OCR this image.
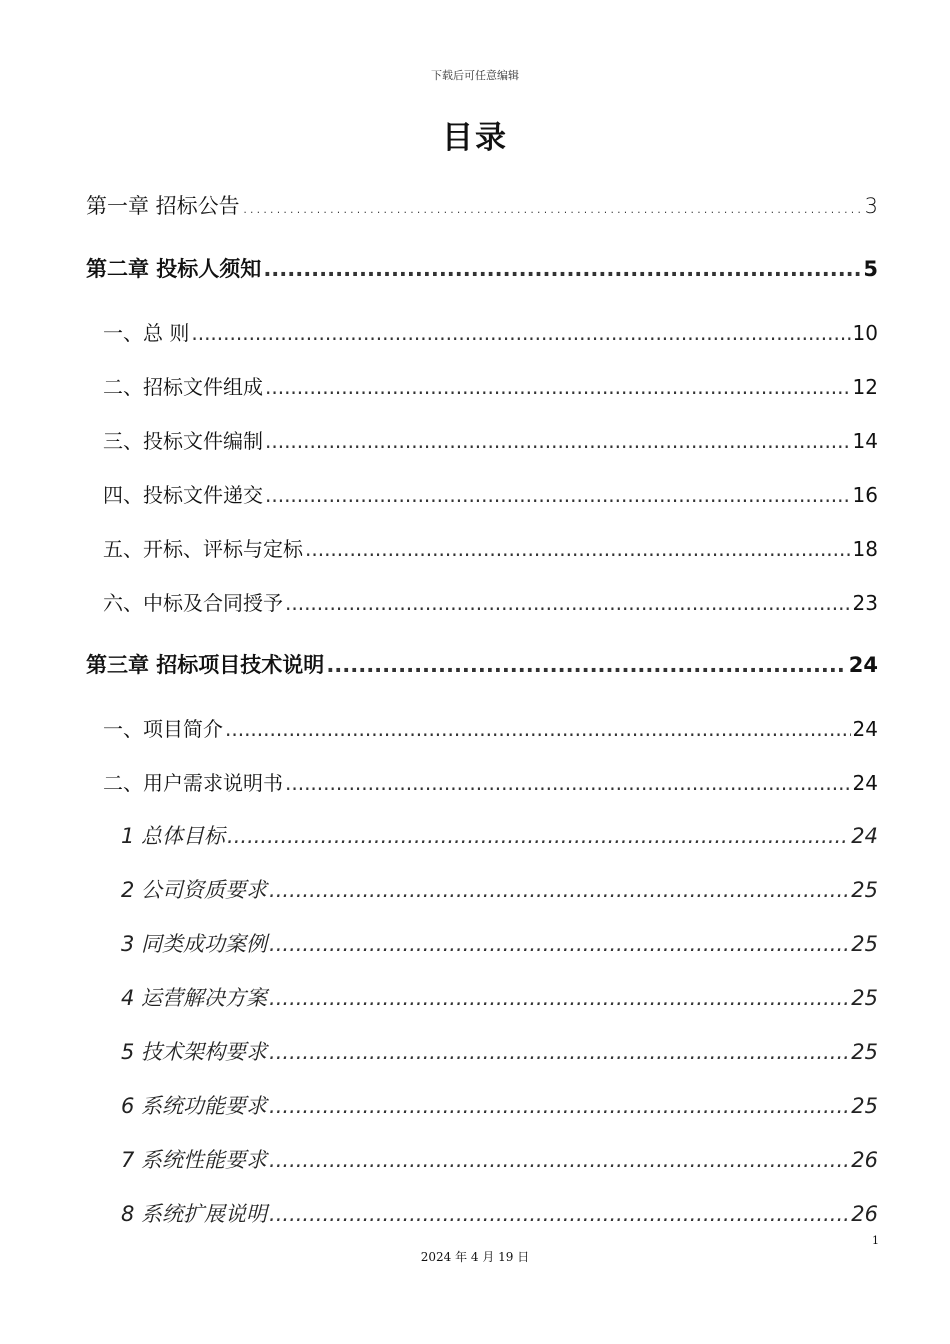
下载后可任意编辑
目录
第一章 招标公告 .....	3
第二章 投标人须知 .....	5
一、总 则 .....	10
二、招标文件组成 .....	12
三、投标文件编制 .....	14
四、投标文件递交 .....	16
五、开标、评标与定标 .....	18
六、中标及合同授予 .....	23
第三章 招标项目技术说明 .....	24
一、项目简介 .....	24
二、用户需求说明书 .....	24
1 总体目标 .....	24
2 公司资质要求 .....	25
3 同类成功案例 .....	25
4 运营解决方案 .....	25
5 技术架构要求 .....	25
6 系统功能要求 .....	25
7 系统性能要求 .....	26
8 系统扩展说明 .....	26
1
2024 年 4 月 19 日
